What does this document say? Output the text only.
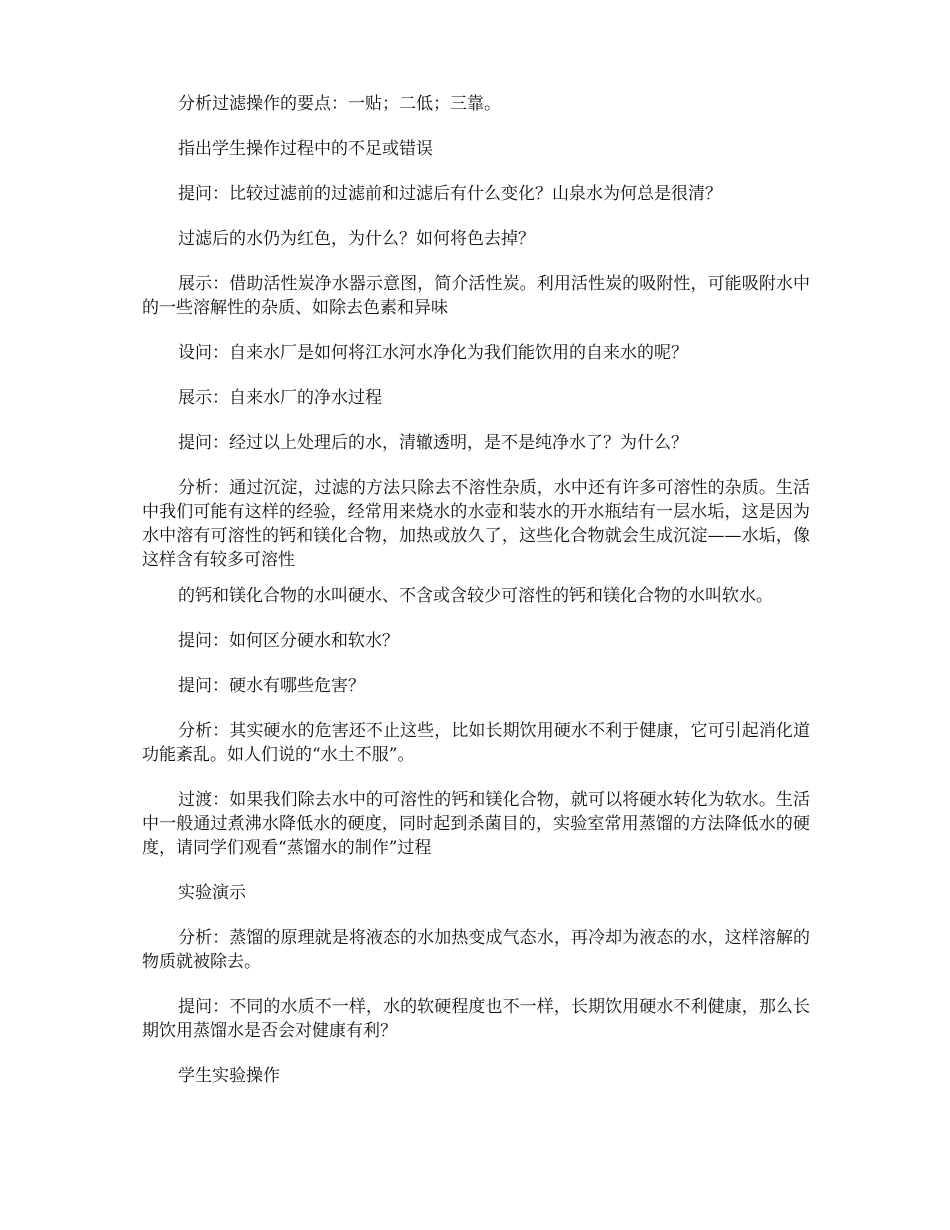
分析过滤操作的要点：一贴；二低；三靠。

指出学生操作过程中的不足或错误

提问：比较过滤前的过滤前和过滤后有什么变化？山泉水为何总是很清？

过滤后的水仍为红色，为什么？如何将色去掉？

展示：借助活性炭净水器示意图，简介活性炭。利用活性炭的吸附性，可能吸附水中的一些溶解性的杂质、如除去色素和异味

设问：自来水厂是如何将江水河水净化为我们能饮用的自来水的呢？

展示：自来水厂的净水过程

提问：经过以上处理后的水，清辙透明，是不是纯净水了？为什么？

分析：通过沉淀，过滤的方法只除去不溶性杂质，水中还有许多可溶性的杂质。生活中我们可能有这样的经验，经常用来烧水的水壶和装水的开水瓶结有一层水垢，这是因为水中溶有可溶性的钙和镁化合物，加热或放久了，这些化合物就会生成沉淀——水垢，像这样含有较多可溶性

的钙和镁化合物的水叫硬水、不含或含较少可溶性的钙和镁化合物的水叫软水。

提问：如何区分硬水和软水？

提问：硬水有哪些危害？

分析：其实硬水的危害还不止这些，比如长期饮用硬水不利于健康，它可引起消化道功能紊乱。如人们说的“水土不服”。

过渡：如果我们除去水中的可溶性的钙和镁化合物，就可以将硬水转化为软水。生活中一般通过煮沸水降低水的硬度，同时起到杀菌目的，实验室常用蒸馏的方法降低水的硬度，请同学们观看“蒸馏水的制作”过程

实验演示

分析：蒸馏的原理就是将液态的水加热变成气态水，再冷却为液态的水，这样溶解的物质就被除去。

提问：不同的水质不一样，水的软硬程度也不一样，长期饮用硬水不利健康，那么长期饮用蒸馏水是否会对健康有利？

学生实验操作
